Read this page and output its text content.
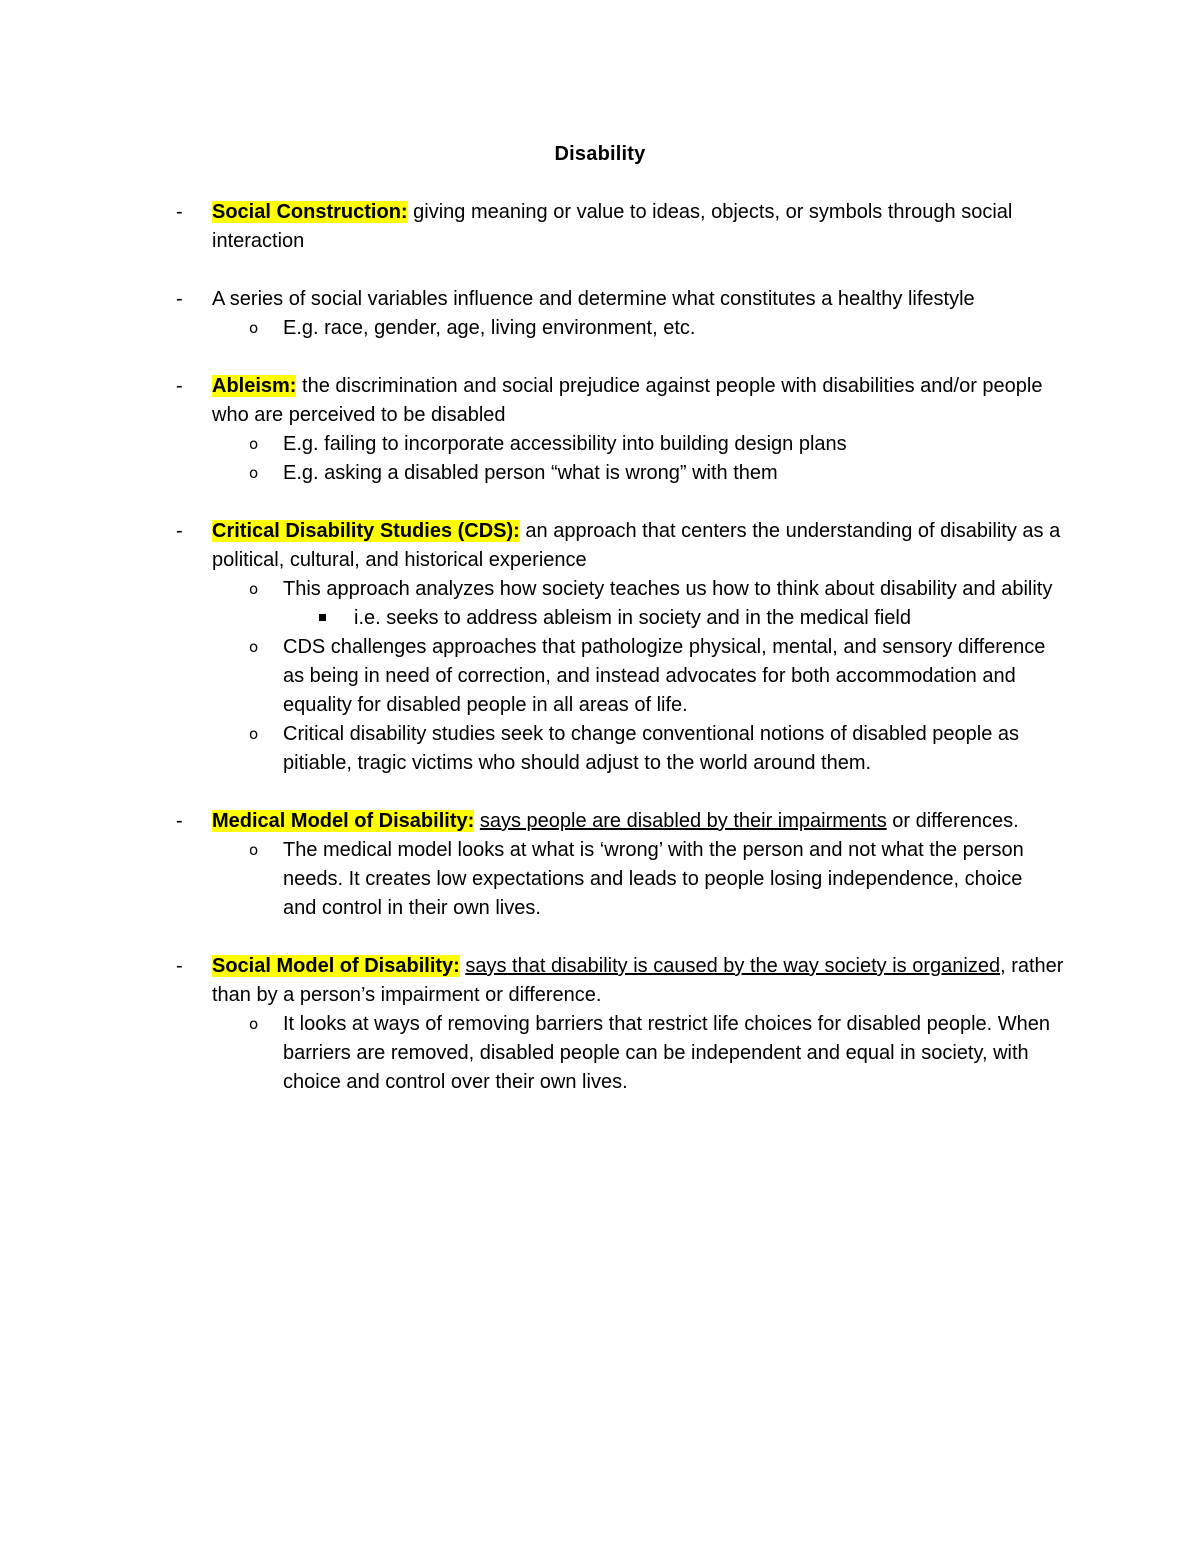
Disability
- Social Construction: giving meaning or value to ideas, objects, or symbols through social interaction
- A series of social variables influence and determine what constitutes a healthy lifestyle
o E.g. race, gender, age, living environment, etc.
- Ableism: the discrimination and social prejudice against people with disabilities and/or people who are perceived to be disabled
o E.g. failing to incorporate accessibility into building design plans
o E.g. asking a disabled person “what is wrong” with them
- Critical Disability Studies (CDS): an approach that centers the understanding of disability as a political, cultural, and historical experience
o This approach analyzes how society teaches us how to think about disability and ability
i.e. seeks to address ableism in society and in the medical field
o CDS challenges approaches that pathologize physical, mental, and sensory difference as being in need of correction, and instead advocates for both accommodation and equality for disabled people in all areas of life.
o Critical disability studies seek to change conventional notions of disabled people as pitiable, tragic victims who should adjust to the world around them.
- Medical Model of Disability: says people are disabled by their impairments or differences.
o The medical model looks at what is ‘wrong’ with the person and not what the person needs. It creates low expectations and leads to people losing independence, choice and control in their own lives.
- Social Model of Disability: says that disability is caused by the way society is organized, rather than by a person’s impairment or difference.
o It looks at ways of removing barriers that restrict life choices for disabled people. When barriers are removed, disabled people can be independent and equal in society, with choice and control over their own lives.
